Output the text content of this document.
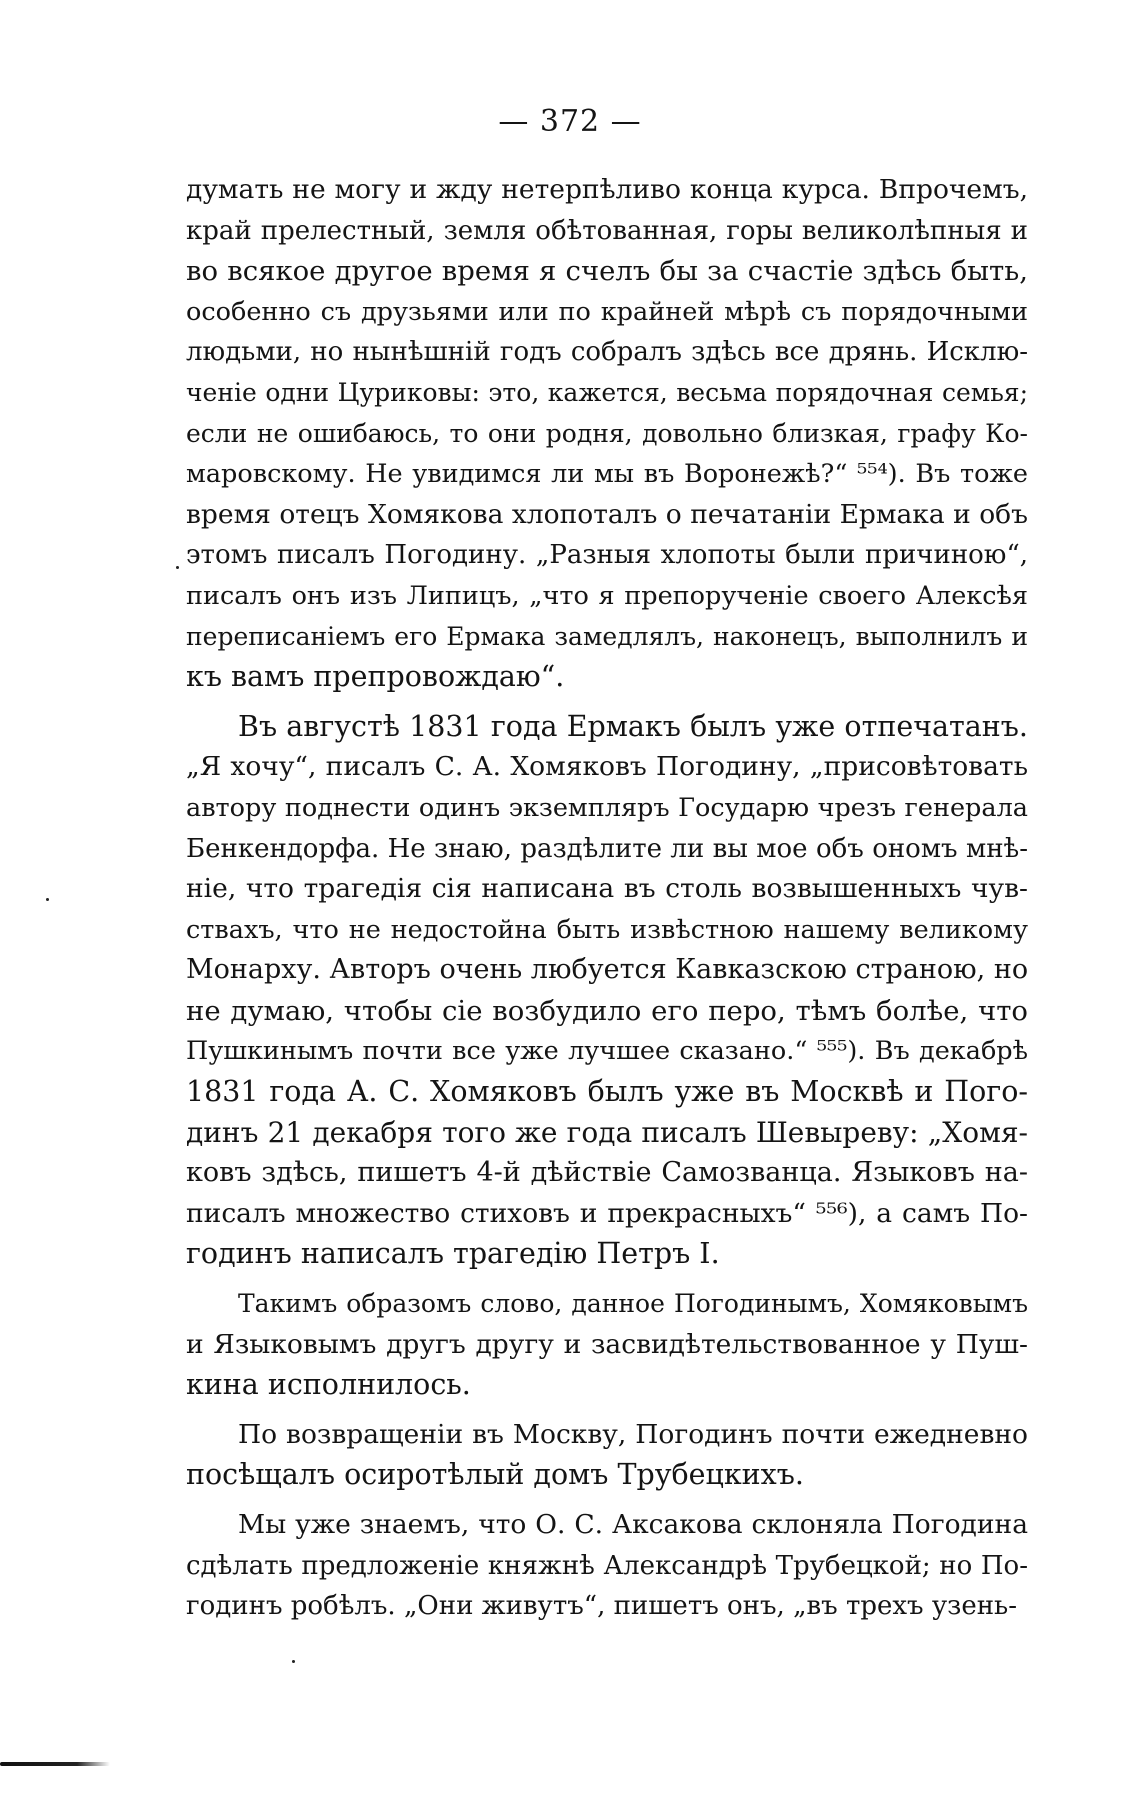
— 372 —
думать не могу и жду нетерпѣливо конца курса. Впрочемъ,
край прелестный, земля обѣтованная, горы великолѣпныя и
во всякое другое время я счелъ бы за счастіе здѣсь быть,
особенно съ друзьями или по крайней мѣрѣ съ порядочными
людьми, но нынѣшній годъ собралъ здѣсь все дрянь. Исклю-
ченіе одни Цуриковы: это, кажется, весьма порядочная семья;
если не ошибаюсь, то они родня, довольно близкая, графу Ко-
маровскому. Не увидимся ли мы въ Воронежѣ?“ ⁵⁵⁴). Въ тоже
время отецъ Хомякова хлопоталъ о печатаніи Ермака и объ
этомъ писалъ Погодину. „Разныя хлопоты были причиною“,
писалъ онъ изъ Липицъ, „что я препорученіе своего Алексѣя
переписаніемъ его Ермака замедлялъ, наконецъ, выполнилъ и
къ вамъ препровождаю“.
Въ августѣ 1831 года Ермакъ былъ уже отпечатанъ.
„Я хочу“, писалъ С. А. Хомяковъ Погодину, „присовѣтовать
автору поднести одинъ экземпляръ Государю чрезъ генерала
Бенкендорфа. Не знаю, раздѣлите ли вы мое объ ономъ мнѣ-
ніе, что трагедія сія написана въ столь возвышенныхъ чув-
ствахъ, что не недостойна быть извѣстною нашему великому
Монарху. Авторъ очень любуется Кавказскою страною, но
не думаю, чтобы сіе возбудило его перо, тѣмъ болѣе, что
Пушкинымъ почти все уже лучшее сказано.“ ⁵⁵⁵). Въ декабрѣ
1831 года А. С. Хомяковъ былъ уже въ Москвѣ и Пого-
динъ 21 декабря того же года писалъ Шевыреву: „Хомя-
ковъ здѣсь, пишетъ 4-й дѣйствіе Самозванца. Языковъ на-
писалъ множество стиховъ и прекрасныхъ“ ⁵⁵⁶), а самъ По-
годинъ написалъ трагедію Петръ I.
Такимъ образомъ слово, данное Погодинымъ, Хомяковымъ
и Языковымъ другъ другу и засвидѣтельствованное у Пуш-
кина исполнилось.
По возвращеніи въ Москву, Погодинъ почти ежедневно
посѣщалъ осиротѣлый домъ Трубецкихъ.
Мы уже знаемъ, что О. С. Аксакова склоняла Погодина
сдѣлать предложеніе княжнѣ Александрѣ Трубецкой; но По-
годинъ робѣлъ. „Они живутъ“, пишетъ онъ, „въ трехъ узень-
